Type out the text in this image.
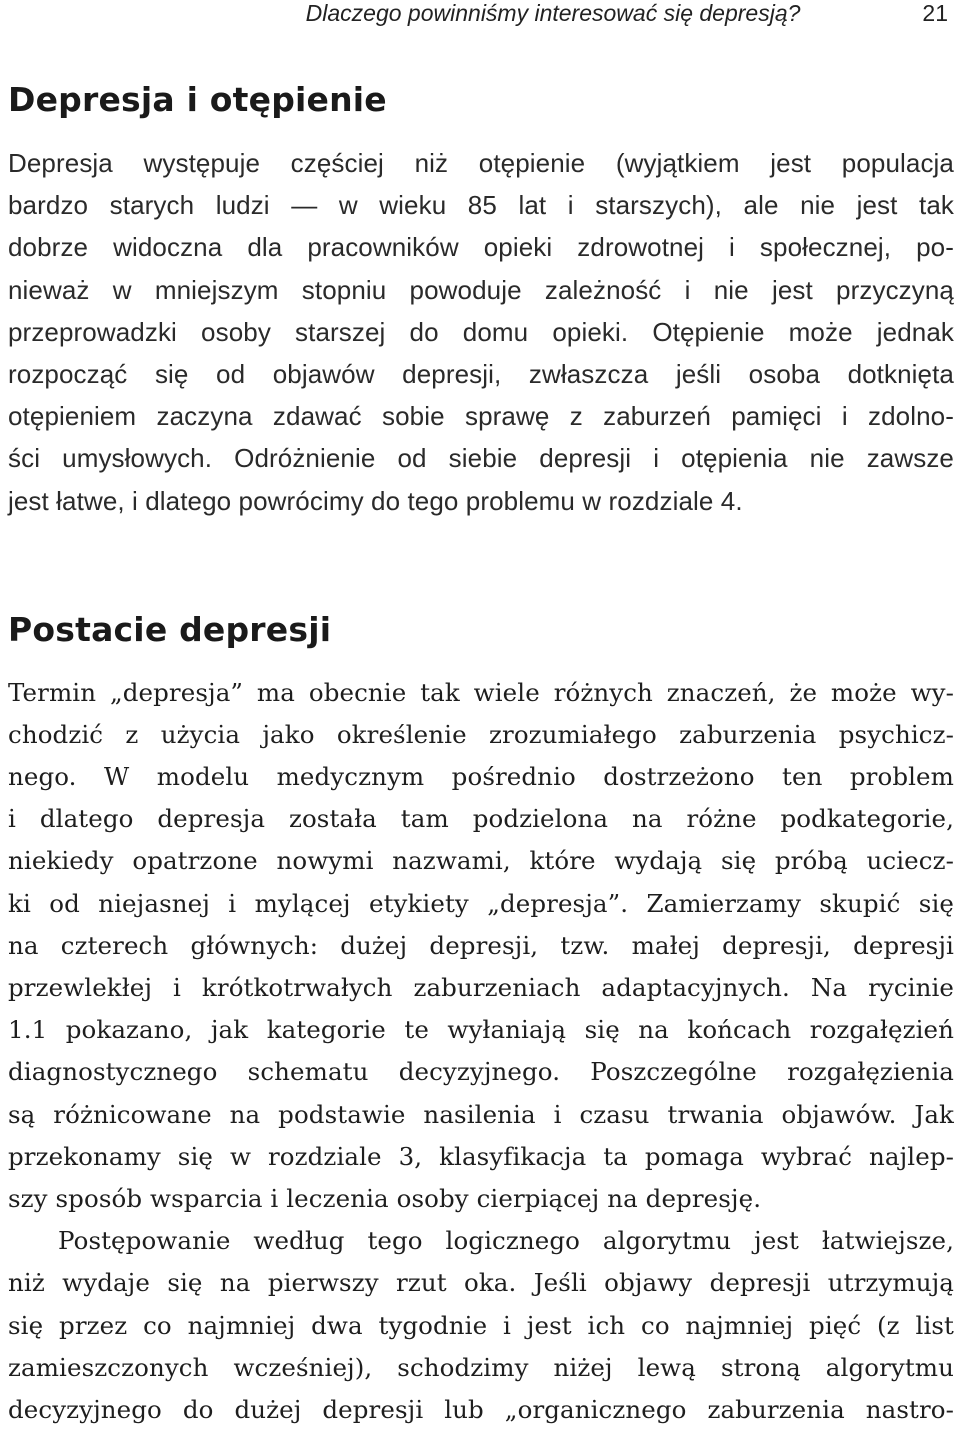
Dlaczego powinniśmy interesować się depresją?	21
Depresja i otępienie
Depresja występuje częściej niż otępienie (wyjątkiem jest populacja
bardzo starych ludzi — w wieku 85 lat i starszych), ale nie jest tak
dobrze widoczna dla pracowników opieki zdrowotnej i społecznej, po-
nieważ w mniejszym stopniu powoduje zależność i nie jest przyczyną
przeprowadzki osoby starszej do domu opieki. Otępienie może jednak
rozpocząć się od objawów depresji, zwłaszcza jeśli osoba dotknięta
otępieniem zaczyna zdawać sobie sprawę z zaburzeń pamięci i zdolno-
ści umysłowych. Odróżnienie od siebie depresji i otępienia nie zawsze
jest łatwe, i dlatego powrócimy do tego problemu w rozdziale 4.
Postacie depresji
Termin „depresja” ma obecnie tak wiele różnych znaczeń, że może wy-
chodzić z użycia jako określenie zrozumiałego zaburzenia psychicz-
nego. W modelu medycznym pośrednio dostrzeżono ten problem
i dlatego depresja została tam podzielona na różne podkategorie,
niekiedy opatrzone nowymi nazwami, które wydają się próbą uciecz-
ki od niejasnej i mylącej etykiety „depresja”. Zamierzamy skupić się
na czterech głównych: dużej depresji, tzw. małej depresji, depresji
przewlekłej i krótkotrwałych zaburzeniach adaptacyjnych. Na rycinie
1.1 pokazano, jak kategorie te wyłaniają się na końcach rozgałęzień
diagnostycznego schematu decyzyjnego. Poszczególne rozgałęzienia
są różnicowane na podstawie nasilenia i czasu trwania objawów. Jak
przekonamy się w rozdziale 3, klasyfikacja ta pomaga wybrać najlep-
szy sposób wsparcia i leczenia osoby cierpiącej na depresję.
Postępowanie według tego logicznego algorytmu jest łatwiejsze,
niż wydaje się na pierwszy rzut oka. Jeśli objawy depresji utrzymują
się przez co najmniej dwa tygodnie i jest ich co najmniej pięć (z list
zamieszczonych wcześniej), schodzimy niżej lewą stroną algorytmu
decyzyjnego do dużej depresji lub „organicznego zaburzenia nastro-
